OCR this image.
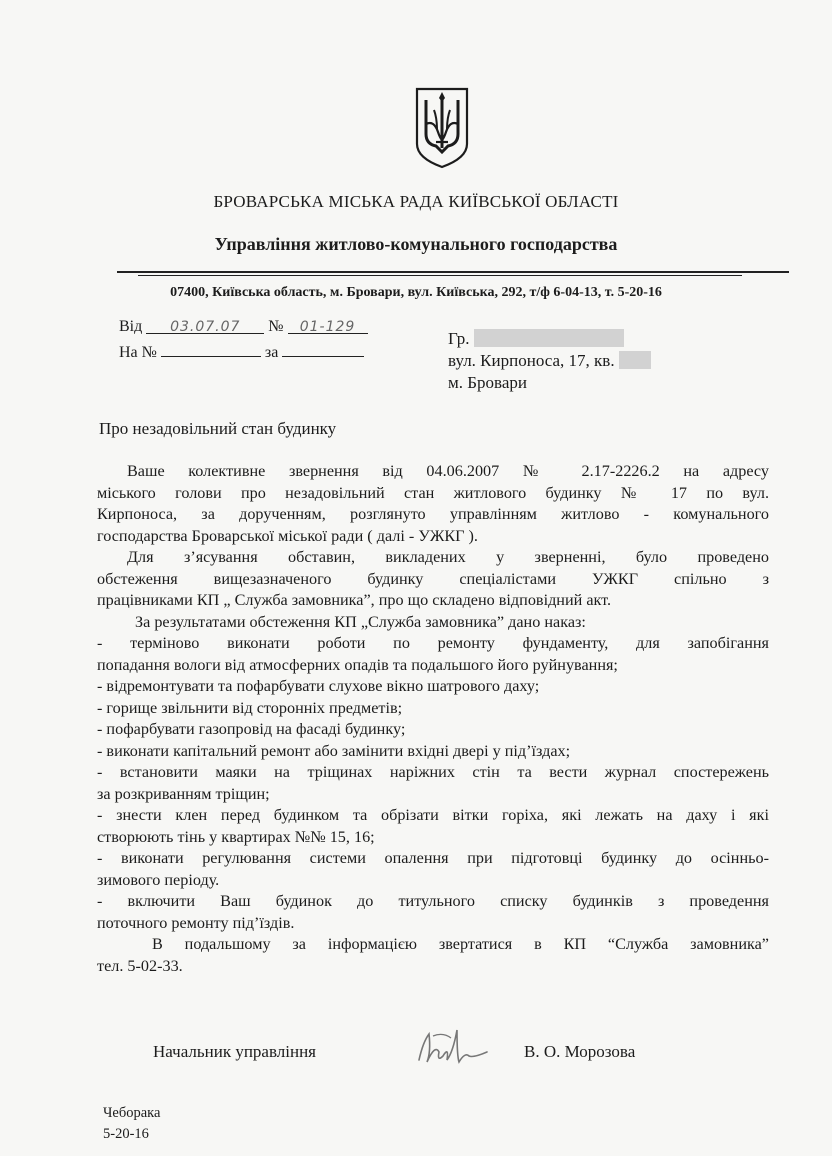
БРОВАРСЬКА МІСЬКА РАДА КИЇВСЬКОЇ ОБЛАСТІ
Управління житлово-комунального господарства
07400, Київська область, м. Бровари, вул. Київська, 292, т/ф 6-04-13, т. 5-20-16
Від 03.07.07 № 01-129
На №	за
Гр.
вул. Кирпоноса, 17, кв.
м. Бровари
Про незадовільний стан будинку

Ваше колективне звернення від 04.06.2007 № 2.17-2226.2 на адресу

міського голови про незадовільний стан житлового будинку № 17 по вул.

Кирпоноса, за дорученням, розглянуто управлінням житлово - комунального

господарства Броварської міської ради ( далі - УЖКГ ).

Для з’ясування обставин, викладених у зверненні, було проведено

обстеження вищезазначеного будинку спеціалістами УЖКГ спільно з

працівниками КП „ Служба замовника”, про що складено відповідний акт.

За результатами обстеження КП „Служба замовника” дано наказ:

- терміново виконати роботи по ремонту фундаменту, для запобігання

попадання вологи від атмосферних опадів та подальшого його руйнування;

- відремонтувати та пофарбувати слухове вікно шатрового даху;

- горище звільнити від сторонніх предметів;

- пофарбувати газопровід на фасаді будинку;

- виконати капітальний ремонт або замінити вхідні двері у під’їздах;

- встановити маяки на тріщинах наріжних стін та вести журнал спостережень

за розкриванням тріщин;

- знести клен перед будинком та обрізати вітки горіха, які лежать на даху і які

створюють тінь у квартирах №№ 15, 16;

- виконати регулювання системи опалення при підготовці будинку до осінньо-

зимового періоду.

- включити Ваш будинок до титульного списку будинків з проведення

поточного ремонту під’їздів.

В подальшому за інформацією звертатися в КП “Служба замовника”

тел. 5-02-33.

Начальник управління	В. О. Морозова
Чеборака
5-20-16
